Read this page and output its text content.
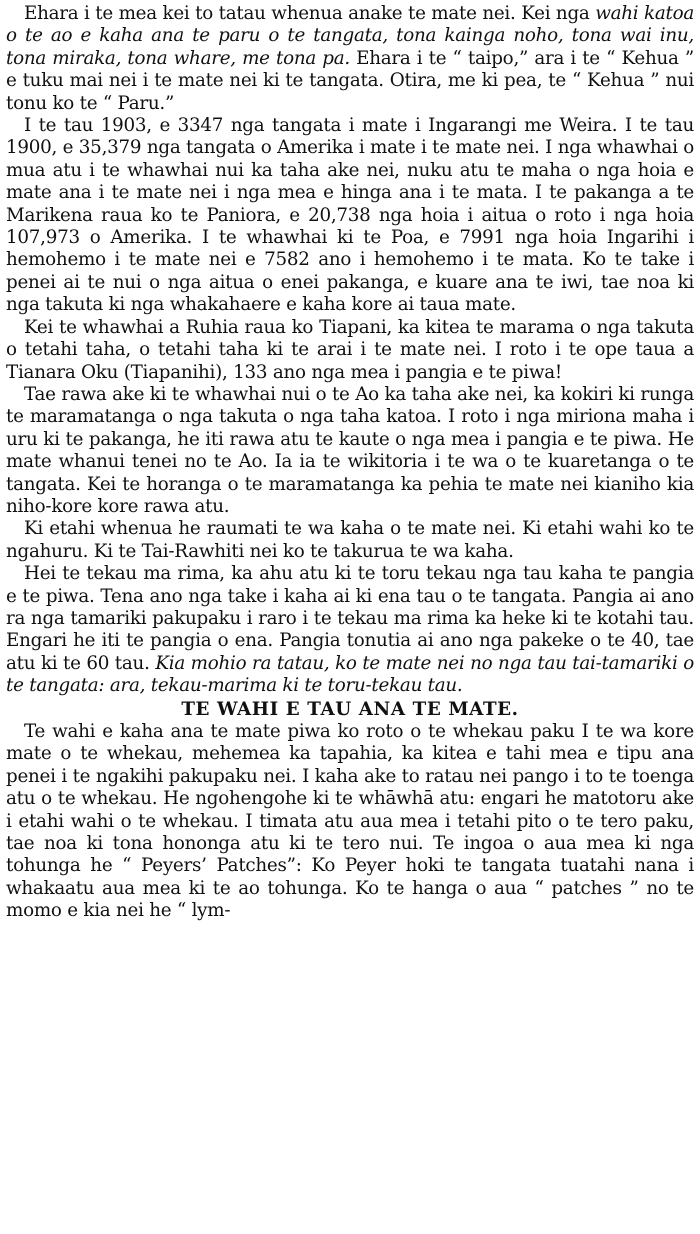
Ehara i te mea kei to tatau whenua anake te mate nei. Kei nga wahi katoa o te ao e kaha ana te paru o te tangata, tona kainga noho, tona wai inu, tona miraka, tona whare, me tona pa. Ehara i te “ taipo,” ara i te “ Kehua ” e tuku mai nei i te mate nei ki te tangata. Otira, me ki pea, te “ Kehua ” nui tonu ko te “ Paru.”

I te tau 1903, e 3347 nga tangata i mate i Ingarangi me Weira. I te tau 1900, e 35,379 nga tangata o Amerika i mate i te mate nei. I nga whawhai o mua atu i te whawhai nui ka taha ake nei, nuku atu te maha o nga hoia e mate ana i te mate nei i nga mea e hinga ana i te mata. I te pakanga a te Marikena raua ko te Paniora, e 20,738 nga hoia i aitua o roto i nga hoia 107,973 o Amerika. I te whawhai ki te Poa, e 7991 nga hoia Ingarihi i hemohemo i te mate nei e 7582 ano i hemohemo i te mata. Ko te take i penei ai te nui o nga aitua o enei pakanga, e kuare ana te iwi, tae noa ki nga takuta ki nga whakahaere e kaha kore ai taua mate.

Kei te whawhai a Ruhia raua ko Tiapani, ka kitea te marama o nga takuta o tetahi taha, o tetahi taha ki te arai i te mate nei. I roto i te ope taua a Tianara Oku (Tiapanihi), 133 ano nga mea i pangia e te piwa!

Tae rawa ake ki te whawhai nui o te Ao ka taha ake nei, ka kokiri ki runga te maramatanga o nga takuta o nga taha katoa. I roto i nga miriona maha i uru ki te pakanga, he iti rawa atu te kaute o nga mea i pangia e te piwa. He mate whanui tenei no te Ao. Ia ia te wikitoria i te wa o te kuaretanga o te tangata. Kei te horanga o te maramatanga ka pehia te mate nei kianiho kia niho-kore kore rawa atu.

Ki etahi whenua he raumati te wa kaha o te mate nei. Ki etahi wahi ko te ngahuru. Ki te Tai-Rawhiti nei ko te takurua te wa kaha.

Hei te tekau ma rima, ka ahu atu ki te toru tekau nga tau kaha te pangia e te piwa. Tena ano nga take i kaha ai ki ena tau o te tangata. Pangia ai ano ra nga tamariki pakupaku i raro i te tekau ma rima ka heke ki te kotahi tau. Engari he iti te pangia o ena. Pangia tonutia ai ano nga pakeke o te 40, tae atu ki te 60 tau. Kia mohio ra tatau, ko te mate nei no nga tau tai-tamariki o te tangata: ara, tekau-marima ki te toru-tekau tau.

TE WAHI E TAU ANA TE MATE.

Te wahi e kaha ana te mate piwa ko roto o te whekau paku I te wa kore mate o te whekau, mehemea ka tapahia, ka kitea e tahi mea e tipu ana penei i te ngakihi pakupaku nei. I kaha ake to ratau nei pango i to te toenga atu o te whekau. He ngohengohe ki te whāwhā atu: engari he matotoru ake i etahi wahi o te whekau. I timata atu aua mea i tetahi pito o te tero paku, tae noa ki tona hononga atu ki te tero nui. Te ingoa o aua mea ki nga tohunga he “ Peyers’ Patches”: Ko Peyer hoki te tangata tuatahi nana i whakaatu aua mea ki te ao tohunga. Ko te hanga o aua “ patches ” no te momo e kia nei he “ lym-
